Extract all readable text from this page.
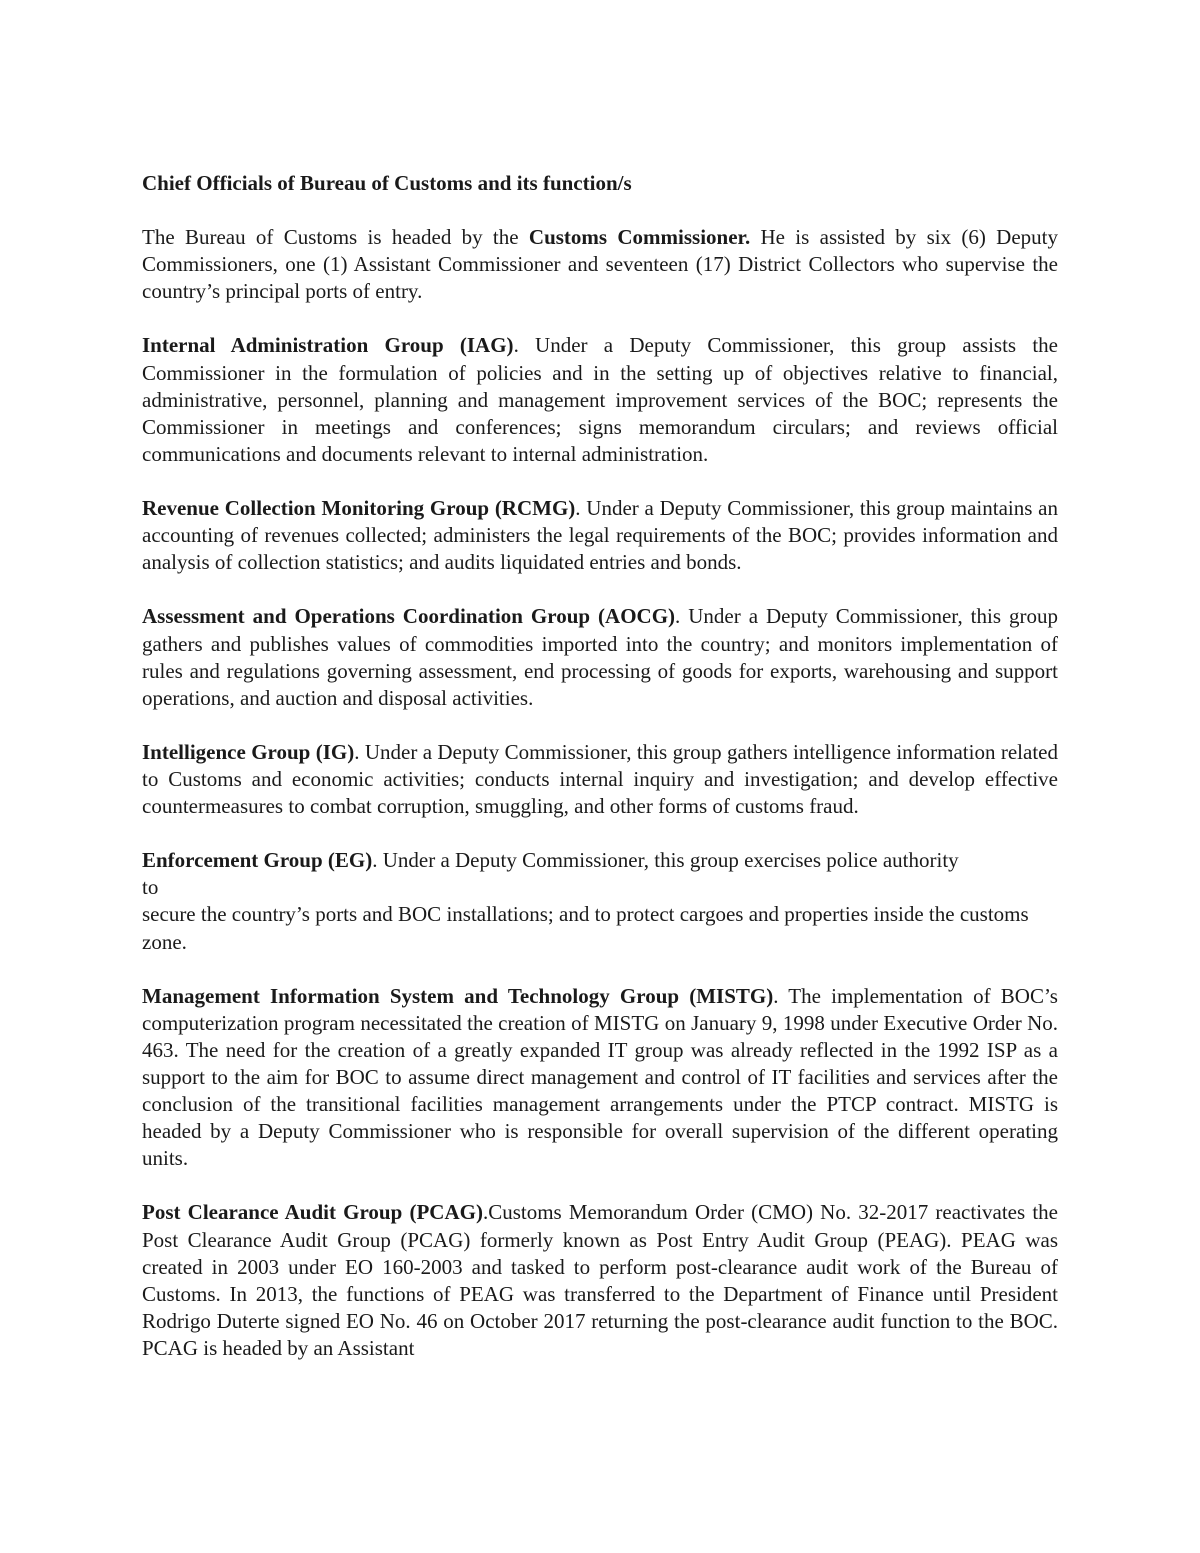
Chief Officials of Bureau of Customs and its function/s

The Bureau of Customs is headed by the Customs Commissioner. He is assisted by six (6) Deputy Commissioners, one (1) Assistant Commissioner and seventeen (17) District Collectors who supervise the country’s principal ports of entry.

Internal Administration Group (IAG). Under a Deputy Commissioner, this group assists the Commissioner in the formulation of policies and in the setting up of objectives relative to financial, administrative, personnel, planning and management improvement services of the BOC; represents the Commissioner in meetings and conferences; signs memorandum circulars; and reviews official communications and documents relevant to internal administration.

Revenue Collection Monitoring Group (RCMG). Under a Deputy Commissioner, this group maintains an accounting of revenues collected; administers the legal requirements of the BOC; provides information and analysis of collection statistics; and audits liquidated entries and bonds.

Assessment and Operations Coordination Group (AOCG). Under a Deputy Commissioner, this group gathers and publishes values of commodities imported into the country; and monitors implementation of rules and regulations governing assessment, end processing of goods for exports, warehousing and support operations, and auction and disposal activities.

Intelligence Group (IG). Under a Deputy Commissioner, this group gathers intelligence information related to Customs and economic activities; conducts internal inquiry and investigation; and develop effective countermeasures to combat corruption, smuggling, and other forms of customs fraud.

Enforcement Group (EG). Under a Deputy Commissioner, this group exercises police authority
to
secure the country’s ports and BOC installations; and to protect cargoes and properties inside the customs zone.

Management Information System and Technology Group (MISTG). The implementation of BOC’s computerization program necessitated the creation of MISTG on January 9, 1998 under Executive Order No. 463. The need for the creation of a greatly expanded IT group was already reflected in the 1992 ISP as a support to the aim for BOC to assume direct management and control of IT facilities and services after the conclusion of the transitional facilities management arrangements under the PTCP contract. MISTG is headed by a Deputy Commissioner who is responsible for overall supervision of the different operating units.

Post Clearance Audit Group (PCAG).Customs Memorandum Order (CMO) No. 32-2017 reactivates the Post Clearance Audit Group (PCAG) formerly known as Post Entry Audit Group (PEAG). PEAG was created in 2003 under EO 160-2003 and tasked to perform post-clearance audit work of the Bureau of Customs. In 2013, the functions of PEAG was transferred to the Department of Finance until President Rodrigo Duterte signed EO No. 46 on October 2017 returning the post-clearance audit function to the BOC. PCAG is headed by an Assistant
